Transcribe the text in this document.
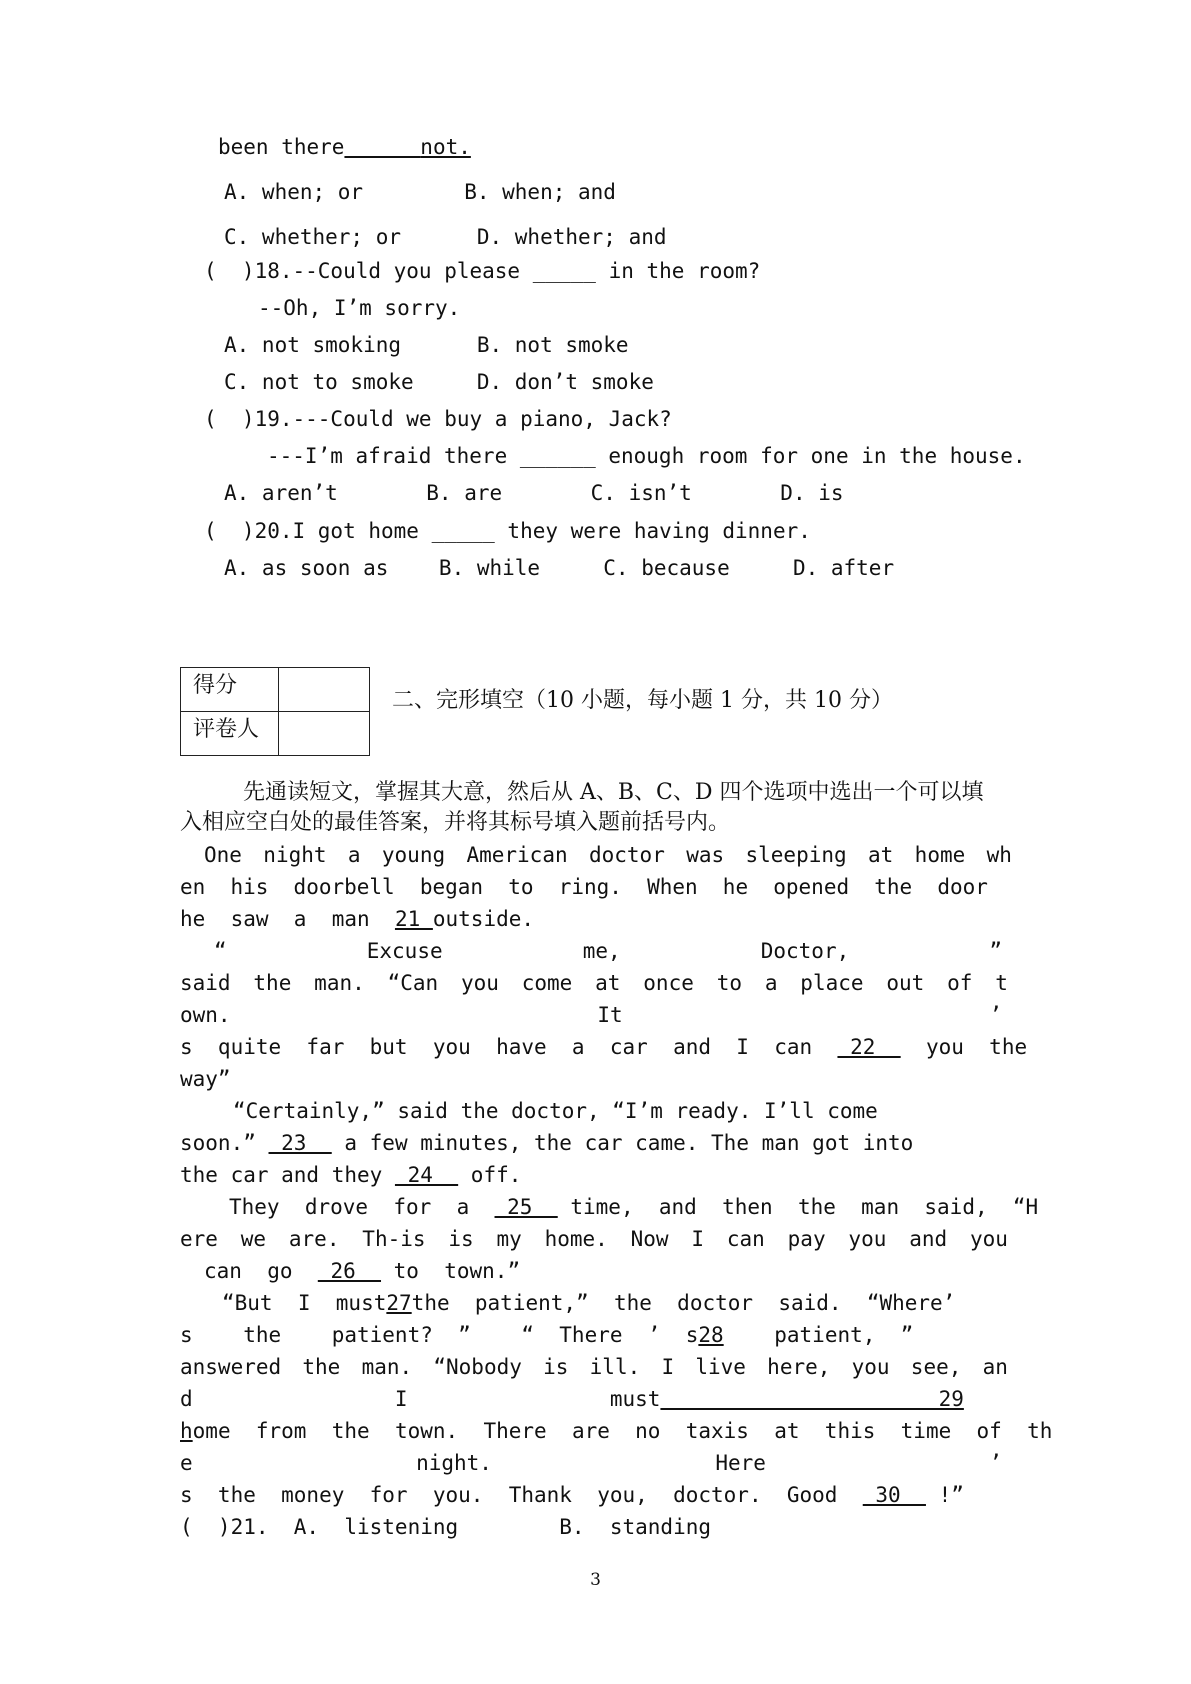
been there	not.
A. when; or        B. when; and
C. whether; or      D. whether; and
(  )18.--Could you please _____ in the room?
--Oh, I’m sorry.
A. not smoking      B. not smoke
C. not to smoke     D. don’t smoke
(  )19.---Could we buy a piano, Jack?
---I’m afraid there ______ enough room for one in the house.
A. aren’t       B. are       C. isn’t       D. is
(  )20.I got home _____ they were having dinner.
A. as soon as    B. while     C. because     D. after
得分	
评卷人	
二、完形填空（10 小题，每小题 1 分，共 10 分）
先通读短文，掌握其大意，然后从 A、B、C、D 四个选项中选出一个可以填
入相应空白处的最佳答案，并将其标号填入题前括号内。
One night a young American doctor was sleeping at home wh
en his doorbell began to ring. When he opened the door
he  saw  a  man  21 outside.
“	Excuse	me,	Doctor,	”
said the man. “Can you come at once to a place out of t
own.	It	’
s  quite  far  but  you  have  a  car  and  I  can   22    you  the
way”
“Certainly,” said the doctor, “I’m ready. I’ll come
soon.”  23   a few minutes, the car came. The man got into
the car and they  24   off.
They  drove  for  a   25   time,  and  then  the  man  said,  “H
ere we are. Th-is is my home. Now I can pay you and you
can  go   26   to  town.”
“But  I  must27the  patient,”  the  doctor  said.  “Where’
s    the    patient?  ”    “  There  ’  s28    patient,  ”
answered the man. “Nobody is ill. I live here, you see, an
d                I                must                      29
home  from  the  town.  There  are  no  taxis  at  this  time  of  th
e	night.	Here	’
s  the  money  for  you.  Thank  you,  doctor.  Good   30   !”
(  )21.  A.  listening        B.  standing
3
